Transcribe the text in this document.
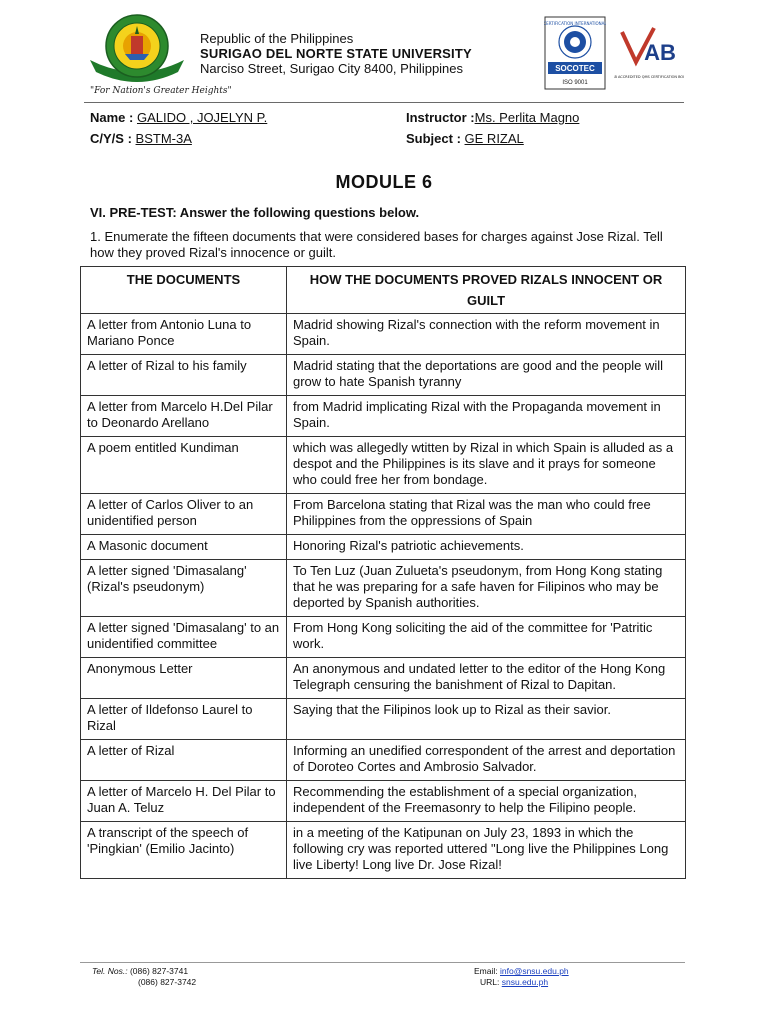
"For Nation's Greater Heights"
Republic of the Philippines
SURIGAO DEL NORTE STATE UNIVERSITY
Narciso Street, Surigao City 8400, Philippines
CERTIFICATION INTERNATIONAL
SOCOTEC
ISO 9001
AB
PAB ACCREDITED QMS CERTIFICATION BODY
Name : GALIDO , JOJELYN P.
C/Y/S : BSTM-3A
Instructor :Ms. Perlita Magno
Subject : GE RIZAL
MODULE 6
VI. PRE-TEST: Answer the following questions below.
1. Enumerate the fifteen documents that were considered bases for charges against Jose Rizal. Tell how they proved Rizal's innocence or guilt.
THE DOCUMENTS	HOW THE DOCUMENTS PROVED RIZALS INNOCENT OR GUILT
A letter from Antonio Luna to Mariano Ponce	Madrid showing Rizal's connection with the reform movement in Spain.
A letter of Rizal to his family	Madrid stating that the deportations are good and the people will grow to hate Spanish tyranny
A letter from Marcelo H.Del Pilar to Deonardo Arellano	from Madrid implicating Rizal with the Propaganda movement in Spain.
A poem entitled Kundiman	which was allegedly wtitten by Rizal in which Spain is alluded as a despot and the Philippines is its slave and it prays for someone who could free her from bondage.
A letter of Carlos Oliver to an unidentified person	From Barcelona stating that Rizal was the man who could free Philippines from the oppressions of Spain
A Masonic document	Honoring Rizal's patriotic achievements.
A letter signed 'Dimasalang' (Rizal's pseudonym)	To Ten Luz (Juan Zulueta's pseudonym, from Hong Kong stating that he was preparing for a safe haven for Filipinos who may be deported by Spanish authorities.
A letter signed 'Dimasalang' to an unidentified committee	From Hong Kong soliciting the aid of the committee for 'Patritic work.
Anonymous Letter	An anonymous and undated letter to the editor of the Hong Kong Telegraph censuring the banishment of Rizal to Dapitan.
A letter of Ildefonso Laurel to Rizal	Saying that the Filipinos look up to Rizal as their savior.
A letter of Rizal	Informing an unedified correspondent of the arrest and deportation of Doroteo Cortes and Ambrosio Salvador.
A letter of Marcelo H. Del Pilar to Juan A. Teluz	Recommending the establishment of a special organization, independent of the Freemasonry to help the Filipino people.
A transcript of the speech of 'Pingkian' (Emilio Jacinto)	in a meeting of the Katipunan on July 23, 1893 in which the following cry was reported uttered "Long live the Philippines Long live Liberty! Long live Dr. Jose Rizal!
Tel. Nos.: (086) 827-3741
(086) 827-3742
Email: info@snsu.edu.ph
URL: snsu.edu.ph
